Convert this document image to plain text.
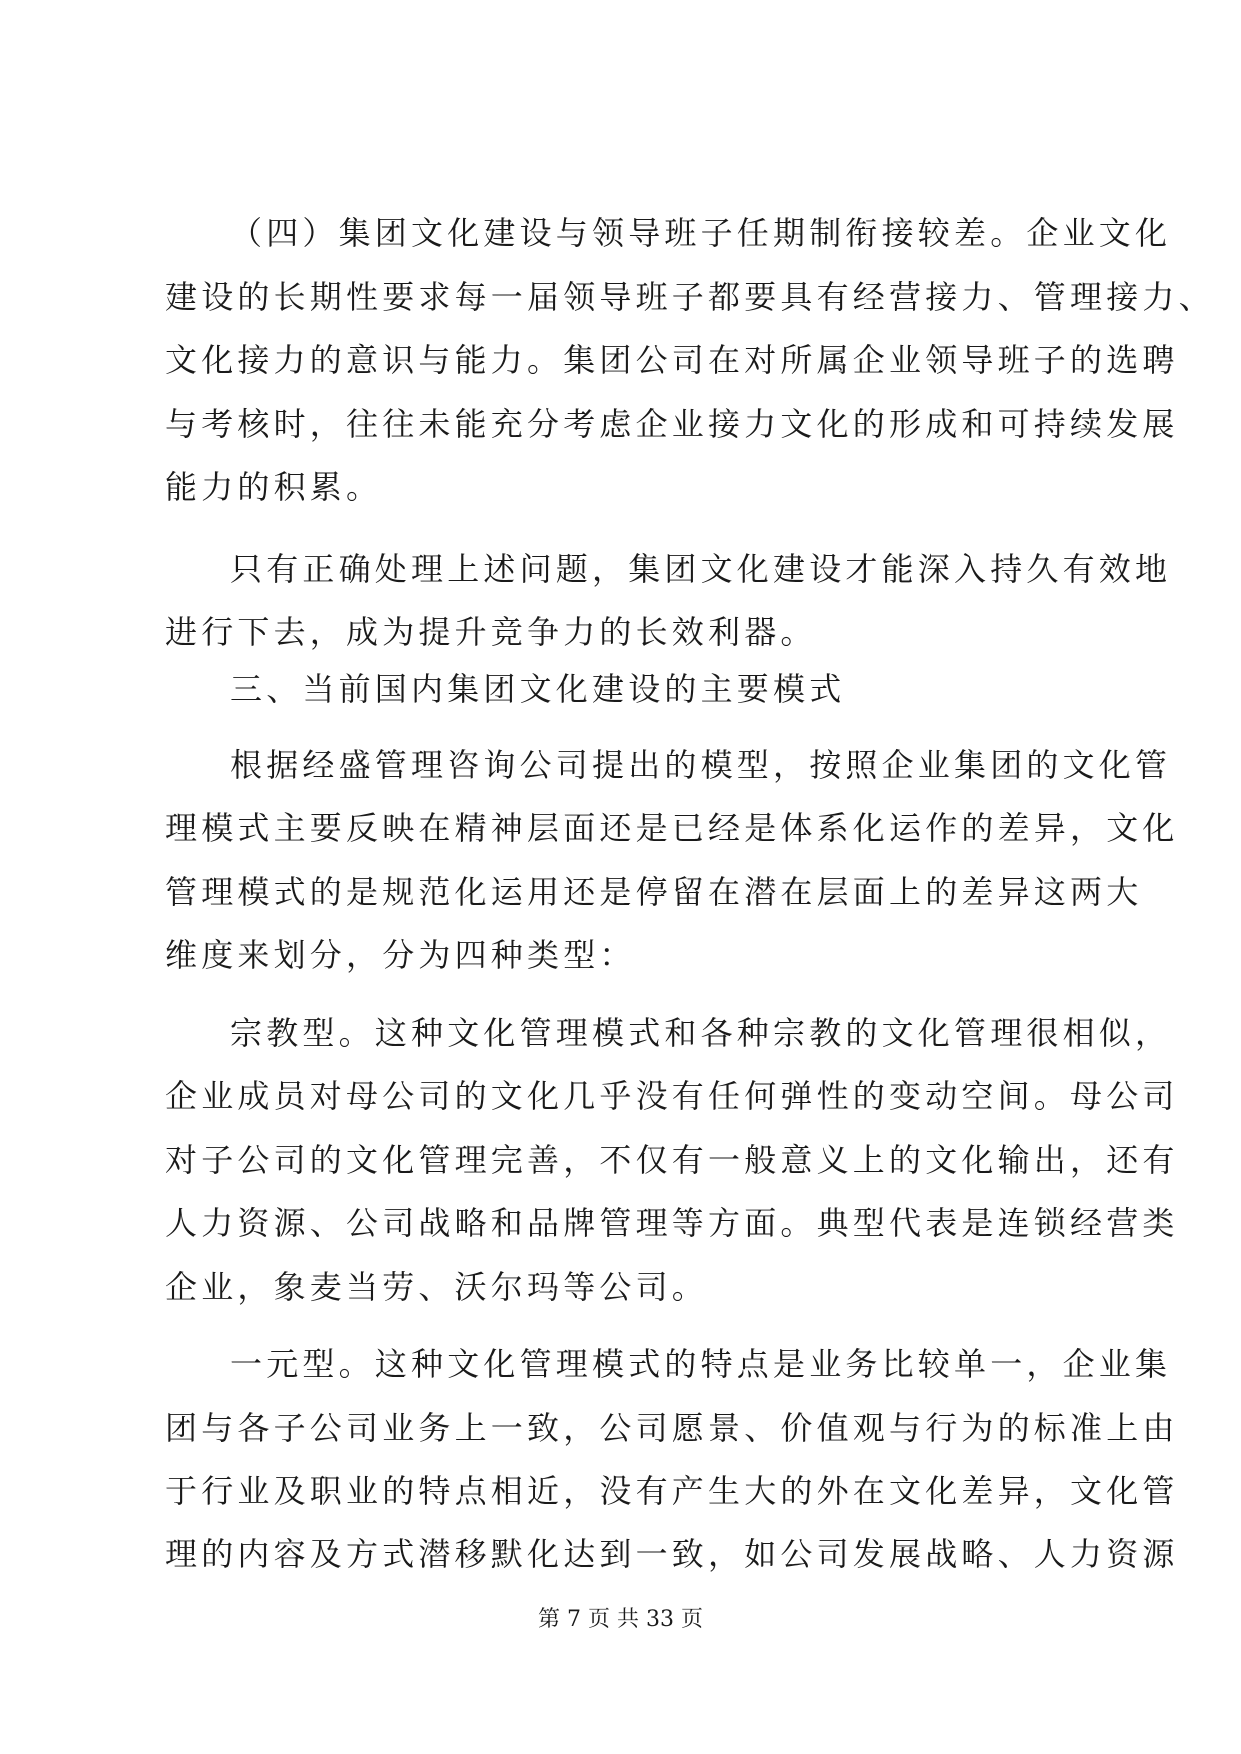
（四）集团文化建设与领导班子任期制衔接较差。企业文化
建设的长期性要求每一届领导班子都要具有经营接力、管理接力、
文化接力的意识与能力。集团公司在对所属企业领导班子的选聘
与考核时，往往未能充分考虑企业接力文化的形成和可持续发展
能力的积累。
只有正确处理上述问题，集团文化建设才能深入持久有效地
进行下去，成为提升竞争力的长效利器。
三、当前国内集团文化建设的主要模式
根据经盛管理咨询公司提出的模型，按照企业集团的文化管
理模式主要反映在精神层面还是已经是体系化运作的差异，文化
管理模式的是规范化运用还是停留在潜在层面上的差异这两大
维度来划分，分为四种类型：
宗教型。这种文化管理模式和各种宗教的文化管理很相似，
企业成员对母公司的文化几乎没有任何弹性的变动空间。母公司
对子公司的文化管理完善，不仅有一般意义上的文化输出，还有
人力资源、公司战略和品牌管理等方面。典型代表是连锁经营类
企业，象麦当劳、沃尔玛等公司。
一元型。这种文化管理模式的特点是业务比较单一，企业集
团与各子公司业务上一致，公司愿景、价值观与行为的标准上由
于行业及职业的特点相近，没有产生大的外在文化差异，文化管
理的内容及方式潜移默化达到一致，如公司发展战略、人力资源
第 7 页 共 33 页
